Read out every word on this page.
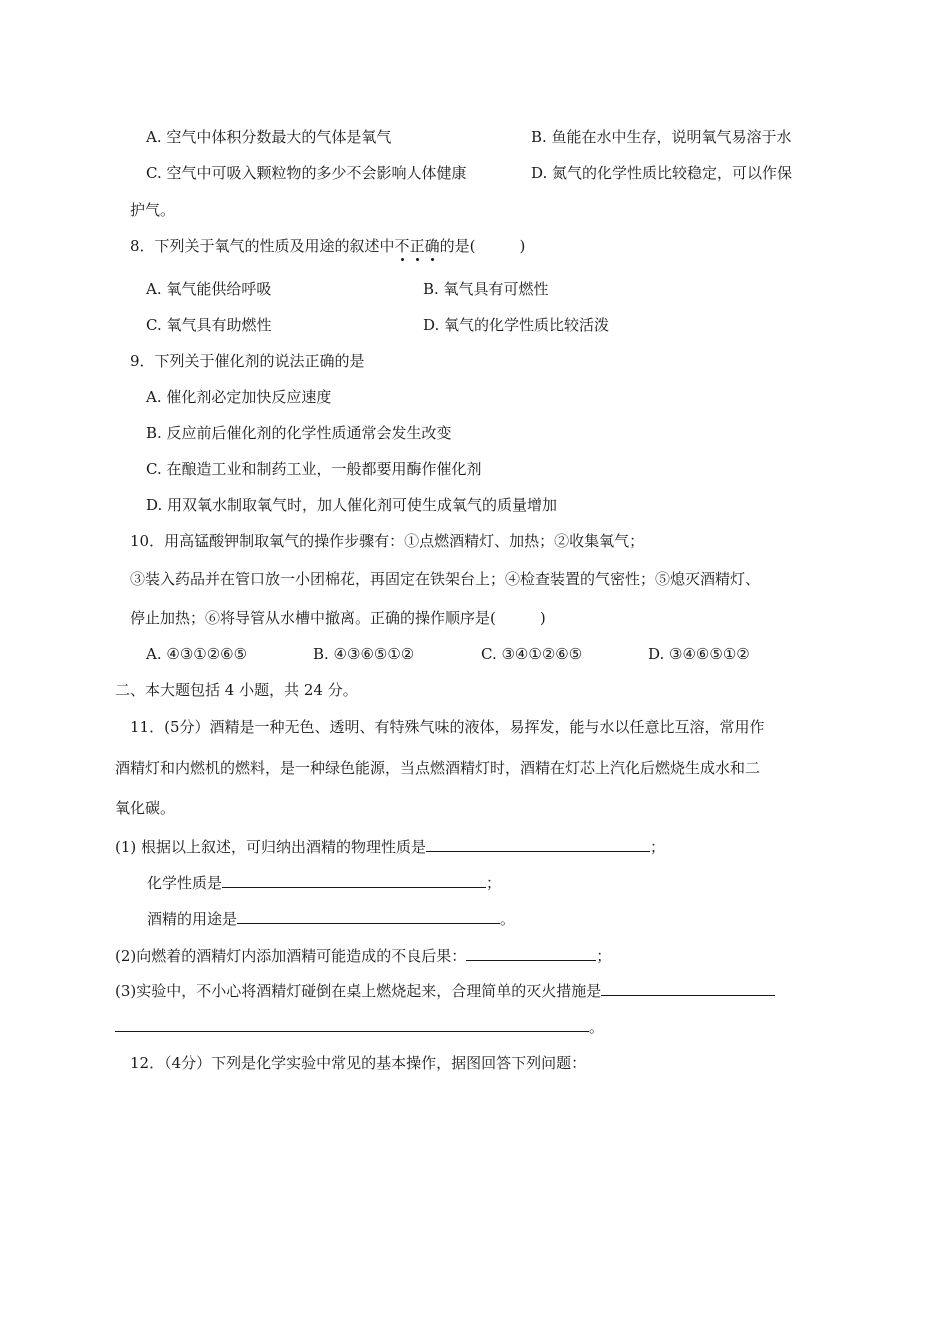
A. 空气中体积分数最大的气体是氧气	B. 鱼能在水中生存，说明氧气易溶于水
C. 空气中可吸入颗粒物的多少不会影响人体健康	D. 氮气的化学性质比较稳定，可以作保
护气。
8．下列关于氧气的性质及用途的叙述中不正确的是(	)
A. 氧气能供给呼吸	B. 氧气具有可燃性
C. 氧气具有助燃性	D. 氧气的化学性质比较活泼
9．下列关于催化剂的说法正确的是
A. 催化剂必定加快反应速度
B. 反应前后催化剂的化学性质通常会发生改变
C. 在酿造工业和制药工业，一般都要用酶作催化剂
D. 用双氧水制取氧气时，加人催化剂可使生成氧气的质量增加
10．用高锰酸钾制取氧气的操作步骤有：①点燃酒精灯、加热；②收集氧气；
③装入药品并在管口放一小团棉花，再固定在铁架台上；④检查装置的气密性；⑤熄灭酒精灯、
停止加热；⑥将导管从水槽中撤离。正确的操作顺序是(	)
A. ④③①②⑥⑤	B. ④③⑥⑤①②	C. ③④①②⑥⑤	D. ③④⑥⑤①②
二、本大题包括 4 小题，共 24 分。
11．(5分）酒精是一种无色、透明、有特殊气味的液体，易挥发，能与水以任意比互溶，常用作
酒精灯和内燃机的燃料，是一种绿色能源，当点燃酒精灯时，酒精在灯芯上汽化后燃烧生成水和二
氧化碳。
(1) 根据以上叙述，可归纳出酒精的物理性质是	；
化学性质是	；
酒精的用途是	。
(2)向燃着的酒精灯内添加酒精可能造成的不良后果：	；
(3)实验中，不小心将酒精灯碰倒在桌上燃烧起来，合理简单的灭火措施是
。
12．（4分）下列是化学实验中常见的基本操作，据图回答下列问题：
